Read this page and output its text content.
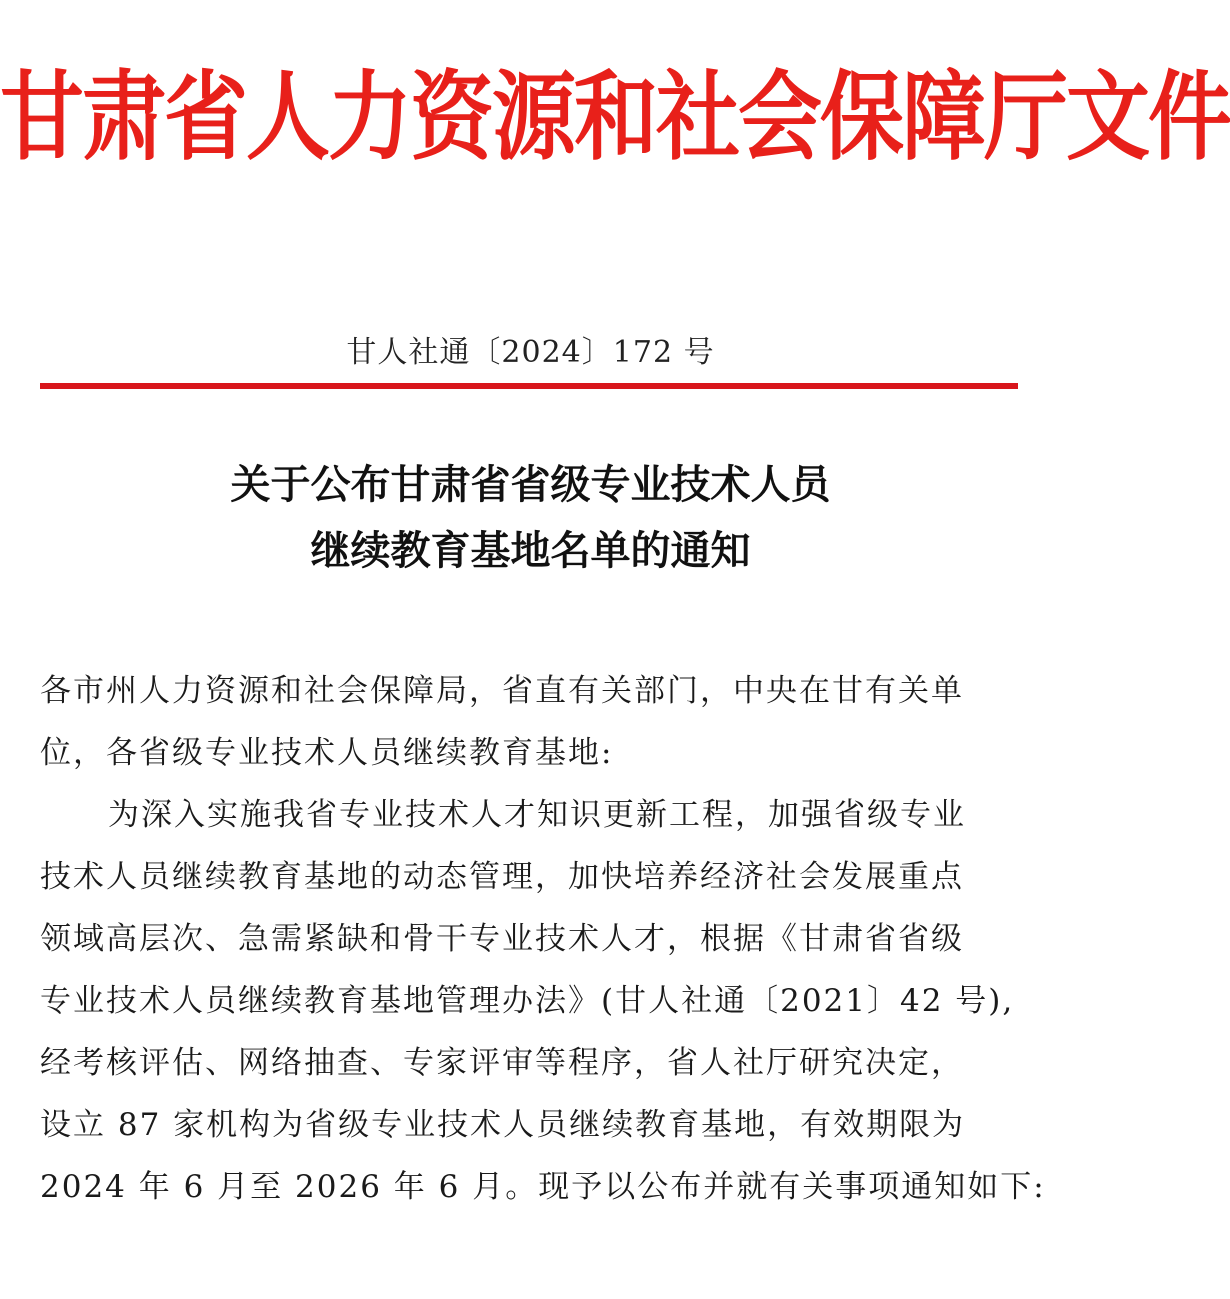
甘肃省人力资源和社会保障厅文件
甘人社通〔2024〕172 号
关于公布甘肃省省级专业技术人员
继续教育基地名单的通知
各市州人力资源和社会保障局，省直有关部门，中央在甘有关单
位，各省级专业技术人员继续教育基地:
为深入实施我省专业技术人才知识更新工程，加强省级专业
技术人员继续教育基地的动态管理，加快培养经济社会发展重点
领域高层次、急需紧缺和骨干专业技术人才，根据《甘肃省省级
专业技术人员继续教育基地管理办法》(甘人社通〔2021〕42 号),
经考核评估、网络抽查、专家评审等程序，省人社厅研究决定，
设立 87 家机构为省级专业技术人员继续教育基地，有效期限为
2024 年 6 月至 2026 年 6 月。现予以公布并就有关事项通知如下:
